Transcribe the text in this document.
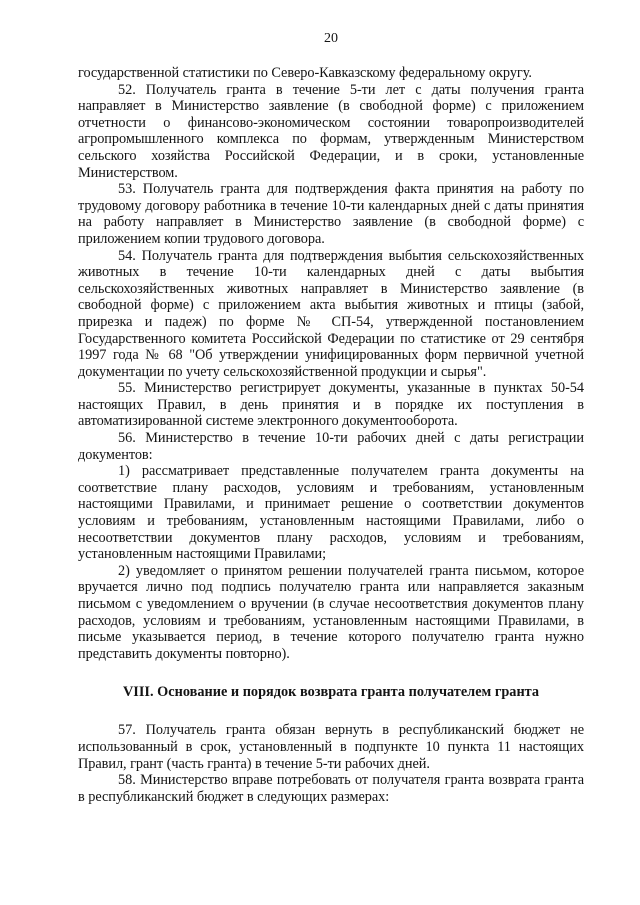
20

государственной статистики по Северо-Кавказскому федеральному округу.

52. Получатель гранта в течение 5-ти лет с даты получения гранта направляет в Министерство заявление (в свободной форме) с приложением отчетности о финансово-экономическом состоянии товаропроизводителей агропромышленного комплекса по формам, утвержденным Министерством сельского хозяйства Российской Федерации, и в сроки, установленные Министерством.

53. Получатель гранта для подтверждения факта принятия на работу по трудовому договору работника в течение 10-ти календарных дней с даты принятия на работу направляет в Министерство заявление (в свободной форме) с приложением копии трудового договора.

54. Получатель гранта для подтверждения выбытия сельскохозяйственных животных в течение 10-ти календарных дней с даты выбытия сельскохозяйственных животных направляет в Министерство заявление (в свободной форме) с приложением акта выбытия животных и птицы (забой, прирезка и падеж) по форме № СП-54, утвержденной постановлением Государственного комитета Российской Федерации по статистике от 29 сентября 1997 года № 68 "Об утверждении унифицированных форм первичной учетной документации по учету сельскохозяйственной продукции и сырья".

55. Министерство регистрирует документы, указанные в пунктах 50-54 настоящих Правил, в день принятия и в порядке их поступления в автоматизированной системе электронного документооборота.

56. Министерство в течение 10-ти рабочих дней с даты регистрации документов:

1) рассматривает представленные получателем гранта документы на соответствие плану расходов, условиям и требованиям, установленным настоящими Правилами, и принимает решение о соответствии документов условиям и требованиям, установленным настоящими Правилами, либо о несоответствии документов плану расходов, условиям и требованиям, установленным настоящими Правилами;

2) уведомляет о принятом решении получателей гранта письмом, которое вручается лично под подпись получателю гранта или направляется заказным письмом с уведомлением о вручении (в случае несоответствия документов плану расходов, условиям и требованиям, установленным настоящими Правилами, в письме указывается период, в течение которого получателю гранта нужно представить документы повторно).

VIII. Основание и порядок возврата гранта получателем гранта

57. Получатель гранта обязан вернуть в республиканский бюджет не использованный в срок, установленный в подпункте 10 пункта 11 настоящих Правил, грант (часть гранта) в течение 5-ти рабочих дней.

58. Министерство вправе потребовать от получателя гранта возврата гранта в республиканский бюджет в следующих размерах:
